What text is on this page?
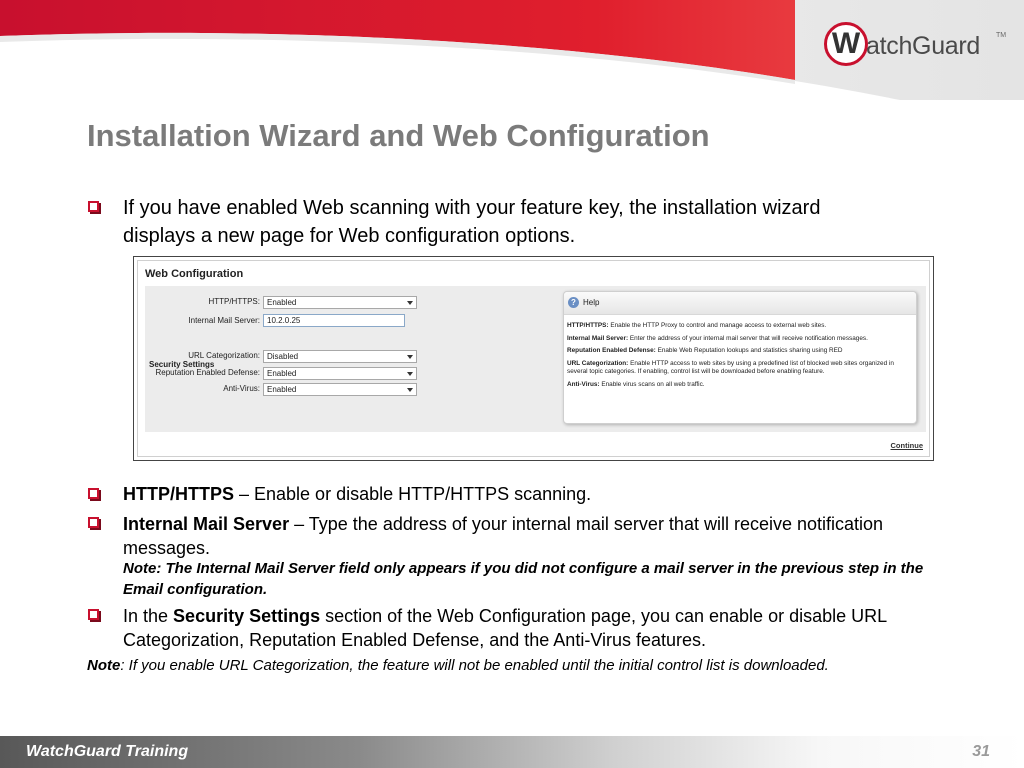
W atchGuard TM
Installation Wizard and Web Configuration
If you have enabled Web scanning with your feature key, the installation wizard
displays a new page for Web configuration options.
Web Configuration
HTTP/HTTPS: Enabled
Internal Mail Server: 10.2.0.25
Security Settings
URL Categorization: Disabled
Reputation Enabled Defense: Enabled
Anti-Virus: Enabled
? Help

HTTP/HTTPS: Enable the HTTP Proxy to control and manage access to external web sites.

Internal Mail Server: Enter the address of your internal mail server that will receive notification messages.

Reputation Enabled Defense: Enable Web Reputation lookups and statistics sharing using RED

URL Categorization: Enable HTTP access to web sites by using a predefined list of blocked web sites organized in several topic categories. If enabling, control list will be downloaded before enabling feature.

Anti-Virus: Enable virus scans on all web traffic.

Continue
HTTP/HTTPS – Enable or disable HTTP/HTTPS scanning.
Internal Mail Server – Type the address of your internal mail server that will receive notification messages.
Note: The Internal Mail Server field only appears if you did not configure a mail server in the previous step in the Email configuration.
In the Security Settings section of the Web Configuration page, you can enable or disable URL Categorization, Reputation Enabled Defense, and the Anti-Virus features.
Note: If you enable URL Categorization, the feature will not be enabled until the initial control list is downloaded.
WatchGuard Training	31
